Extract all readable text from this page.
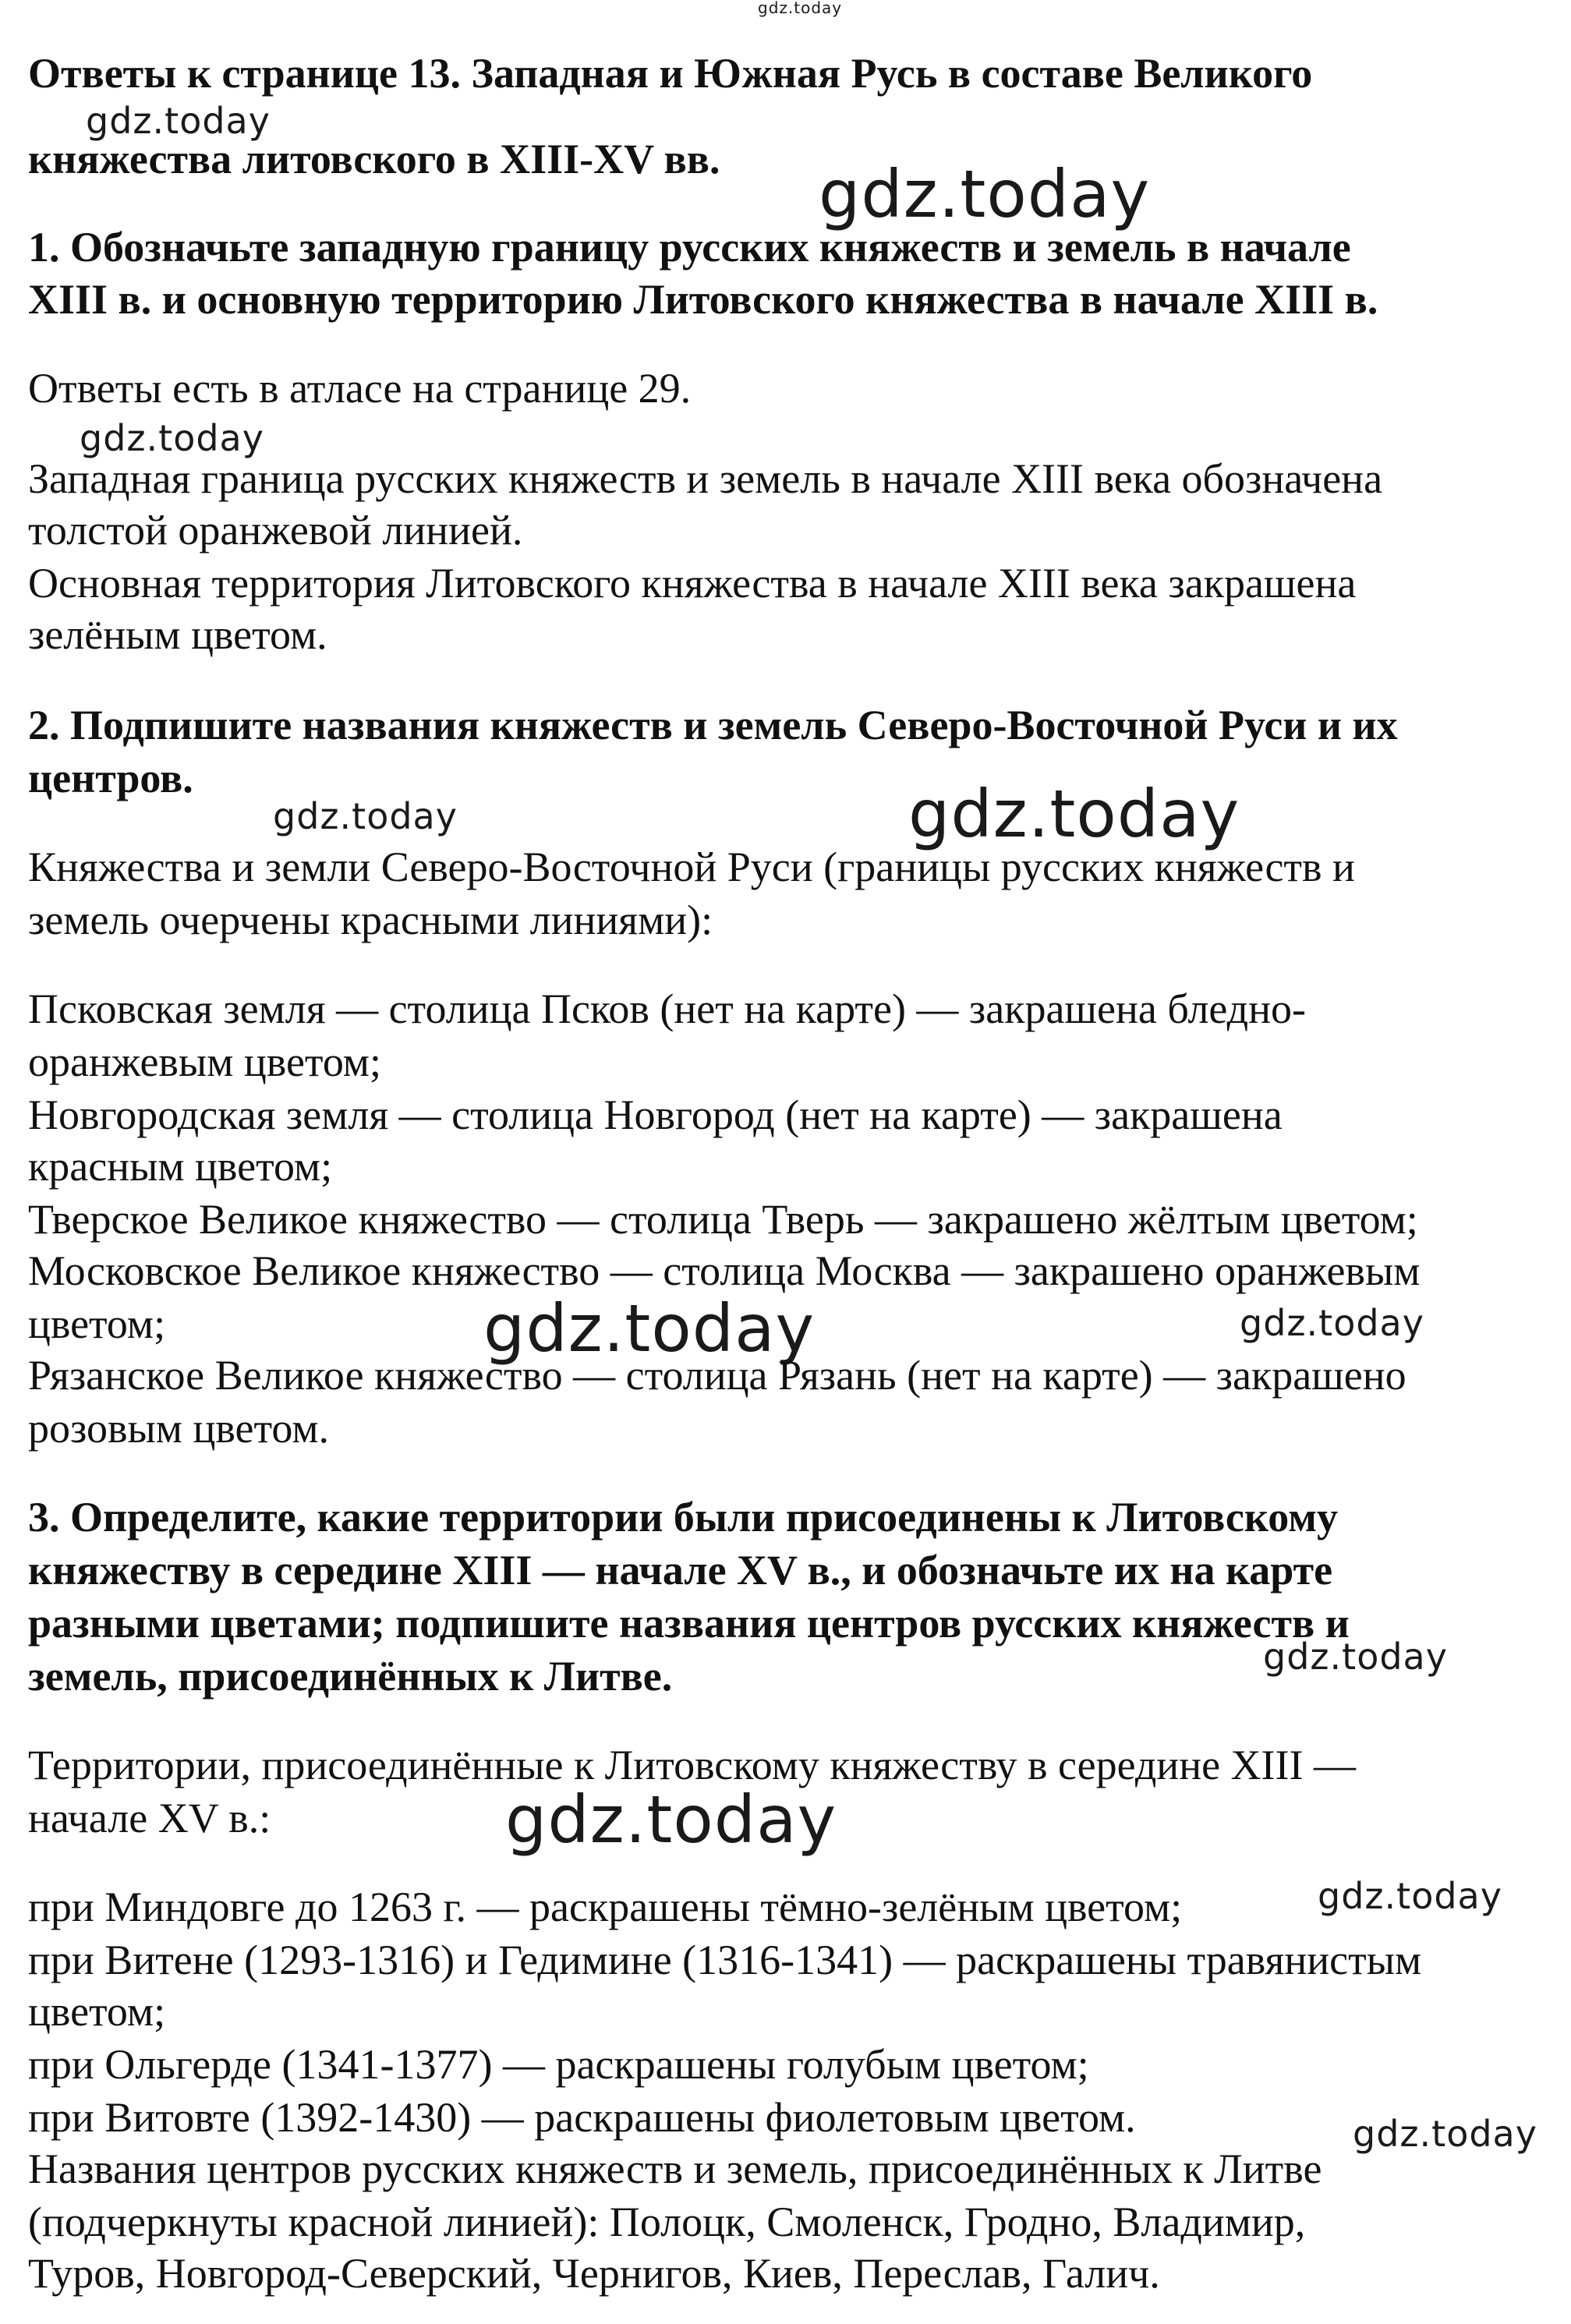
gdz.today
gdz.today
gdz.today
gdz.today
gdz.today	gdz.today
gdz.today	gdz.today
gdz.today
gdz.today
gdz.today
gdz.today
Ответы к странице 13. Западная и Южная Русь в составе Великого
княжества литовского в XIII-XV вв.
1. Обозначьте западную границу русских княжеств и земель в начале
XIII в. и основную территорию Литовского княжества в начале XIII в.
Ответы есть в атласе на странице 29.
Западная граница русских княжеств и земель в начале XIII века обозначена
толстой оранжевой линией.
Основная территория Литовского княжества в начале XIII века закрашена
зелёным цветом.
2. Подпишите названия княжеств и земель Северо-Восточной Руси и их
центров.
Княжества и земли Северо-Восточной Руси (границы русских княжеств и
земель очерчены красными линиями):
Псковская земля — столица Псков (нет на карте) — закрашена бледно-
оранжевым цветом;
Новгородская земля — столица Новгород (нет на карте) — закрашена
красным цветом;
Тверское Великое княжество — столица Тверь — закрашено жёлтым цветом;
Московское Великое княжество — столица Москва — закрашено оранжевым
цветом;
Рязанское Великое княжество — столица Рязань (нет на карте) — закрашено
розовым цветом.
3. Определите, какие территории были присоединены к Литовскому
княжеству в середине XIII — начале XV в., и обозначьте их на карте
разными цветами; подпишите названия центров русских княжеств и
земель, присоединённых к Литве.
Территории, присоединённые к Литовскому княжеству в середине XIII —
начале XV в.:
при Миндовге до 1263 г. — раскрашены тёмно-зелёным цветом;
при Витене (1293-1316) и Гедимине (1316-1341) — раскрашены травянистым
цветом;
при Ольгерде (1341-1377) — раскрашены голубым цветом;
при Витовте (1392-1430) — раскрашены фиолетовым цветом.
Названия центров русских княжеств и земель, присоединённых к Литве
(подчеркнуты красной линией): Полоцк, Смоленск, Гродно, Владимир,
Туров, Новгород-Северский, Чернигов, Киев, Переслав, Галич.
